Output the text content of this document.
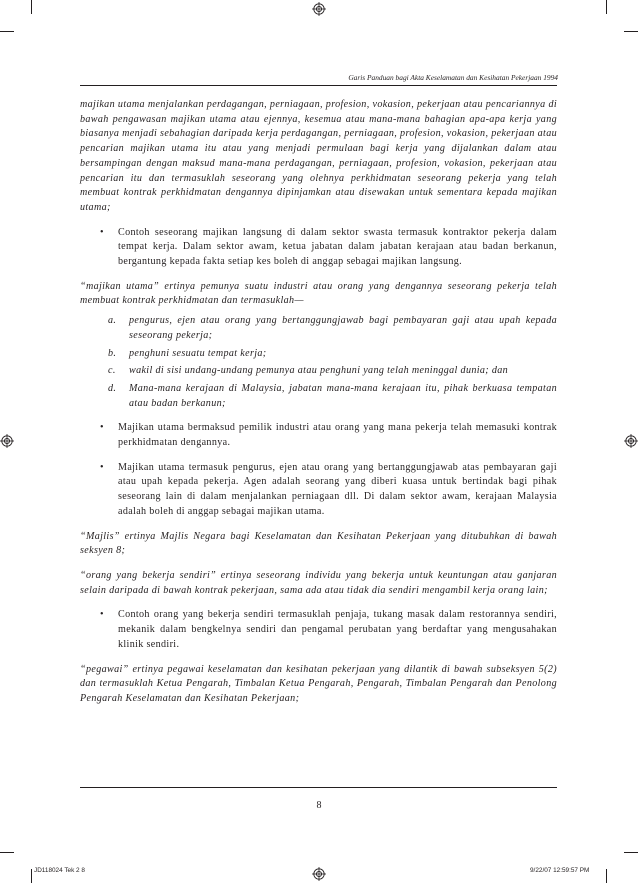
Garis Panduan bagi Akta Keselamatan dan Kesihatan Pekerjaan 1994

majikan utama menjalankan perdagangan, perniagaan, profesion, vokasion, pekerjaan atau pencariannya di bawah pengawasan majikan utama atau ejennya, kesemua atau mana-mana bahagian apa-apa kerja yang biasanya menjadi sebahagian daripada kerja perdagangan, perniagaan, profesion, vokasion, pekerjaan atau pencarian majikan utama itu atau yang menjadi permulaan bagi kerja yang dijalankan dalam atau bersampingan dengan maksud mana-mana perdagangan, perniagaan, profesion, vokasion, pekerjaan atau pencarian itu dan termasuklah seseorang yang olehnya perkhidmatan seseorang pekerja yang telah membuat kontrak perkhidmatan dengannya dipinjamkan atau disewakan untuk sementara kepada majikan utama;

• Contoh seseorang majikan langsung di dalam sektor swasta termasuk kontraktor pekerja dalam tempat kerja. Dalam sektor awam, ketua jabatan dalam jabatan kerajaan atau badan berkanun, bergantung kepada fakta setiap kes boleh di anggap sebagai majikan langsung.

“majikan utama” ertinya pemunya suatu industri atau orang yang dengannya seseorang pekerja telah membuat kontrak perkhidmatan dan termasuklah—

a. pengurus, ejen atau orang yang bertanggungjawab bagi pembayaran gaji atau upah kepada seseorang pekerja;
b. penghuni sesuatu tempat kerja;
c. wakil di sisi undang-undang pemunya atau penghuni yang telah meninggal dunia; dan
d. Mana-mana kerajaan di Malaysia, jabatan mana-mana kerajaan itu, pihak berkuasa tempatan atau badan berkanun;
• Majikan utama bermaksud pemilik industri atau orang yang mana pekerja telah memasuki kontrak perkhidmatan dengannya.
• Majikan utama termasuk pengurus, ejen atau orang yang bertanggungjawab atas pembayaran gaji atau upah kepada pekerja. Agen adalah seorang yang diberi kuasa untuk bertindak bagi pihak seseorang lain di dalam menjalankan perniagaan dll. Di dalam sektor awam, kerajaan Malaysia adalah boleh di anggap sebagai majikan utama.

“Majlis” ertinya Majlis Negara bagi Keselamatan dan Kesihatan Pekerjaan yang ditubuhkan di bawah seksyen 8;

“orang yang bekerja sendiri” ertinya seseorang individu yang bekerja untuk keuntungan atau ganjaran selain daripada di bawah kontrak pekerjaan, sama ada atau tidak dia sendiri mengambil kerja orang lain;

• Contoh orang yang bekerja sendiri termasuklah penjaja, tukang masak dalam restorannya sendiri, mekanik dalam bengkelnya sendiri dan pengamal perubatan yang berdaftar yang mengusahakan klinik sendiri.

“pegawai” ertinya pegawai keselamatan dan kesihatan pekerjaan yang dilantik di bawah subseksyen 5(2) dan termasuklah Ketua Pengarah, Timbalan Ketua Pengarah, Pengarah, Timbalan Pengarah dan Penolong Pengarah Keselamatan dan Kesihatan Pekerjaan;

8
JD118024 Tek 2 8	9/22/07 12:59:57 PM
